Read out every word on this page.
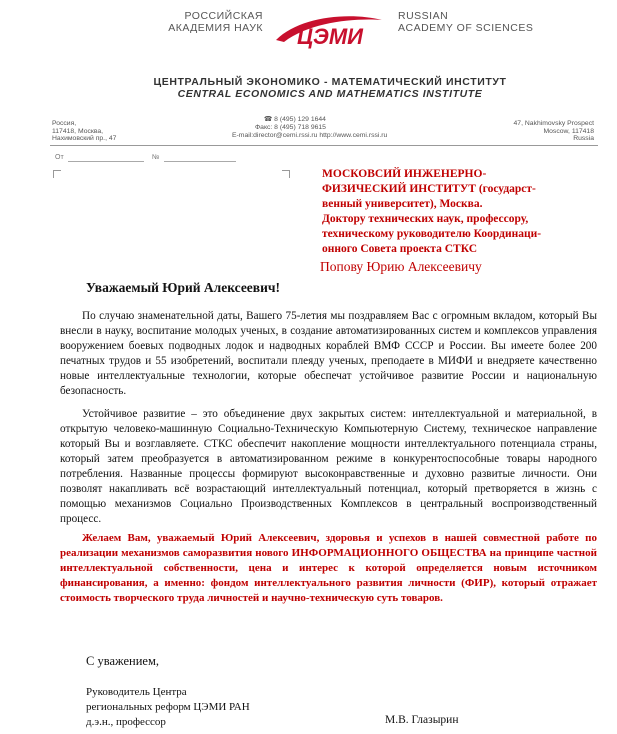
РОССИЙСКАЯ
АКАДЕМИЯ НАУК ЦЭМИ
RUSSIAN
ACADEMY OF SCIENCES
ЦЕНТРАЛЬНЫЙ ЭКОНОМИКО - МАТЕМАТИЧЕСКИЙ ИНСТИТУТ
CENTRAL ECONOMICS AND MATHEMATICS INSTITUTE
Россия,
117418, Москва,
Нахимовский пр., 47
☎ 8 (495) 129 1644
Факс: 8 (495) 718 9615
E-mail:director@cemi.rssi.ru http://www.cemi.rssi.ru
47, Nakhimovsky Prospect
Moscow, 117418
Russia
От	№
МОСКОВСИЙ ИНЖЕНЕРНО-
ФИЗИЧЕСКИЙ ИНСТИТУТ (государст-
венный университет), Москва.
Доктору технических наук, профессору,
техническому руководителю Координаци-
онного Совета проекта СТКС
Попову Юрию Алексеевичу
Уважаемый Юрий Алексеевич!
По случаю знаменательной даты, Вашего 75-летия мы поздравляем Вас с огромным вкладом, который Вы внесли в науку, воспитание молодых ученых, в создание автоматизированных систем и комплексов управления вооружением боевых подводных лодок и надводных кораблей ВМФ СССР и России. Вы имеете более 200 печатных трудов и 55 изобретений, воспитали плеяду ученых, преподаете в МИФИ и внедряете качественно новые интеллектуальные технологии, которые обеспечат устойчивое развитие России и национальную безопасность.
Устойчивое развитие – это объединение двух закрытых систем: интеллектуальной и материальной, в открытую человеко-машинную Социально-Техническую Компьютерную Систему, техническое направление который Вы и возглавляете. СТКС обеспечит накопление мощности интеллектуального потенциала страны, который затем преобразуется в автоматизированном режиме в конкурентоспособные товары народного потребления. Названные процессы формируют высоконравственные и духовно развитые личности. Они позволят накапливать всё возрастающий интеллектуальный потенциал, который претворяется в жизнь с помощью механизмов Социально Производственных Комплексов в центральный воспроизводственный процесс.
Желаем Вам, уважаемый Юрий Алексеевич, здоровья и успехов в нашей совместной работе по реализации механизмов саморазвития нового ИНФОРМАЦИОННОГО ОБЩЕСТВА на принципе частной интеллектуальной собственности, цена и интерес к которой определяется новым источником финансирования, а именно: фондом интеллектуального развития личности (ФИР), который отражает стоимость творческого труда личностей и научно-техническую суть товаров.
С уважением,
Руководитель Центра
региональных реформ ЦЭМИ РАН
д.э.н., профессор	М.В. Глазырин
